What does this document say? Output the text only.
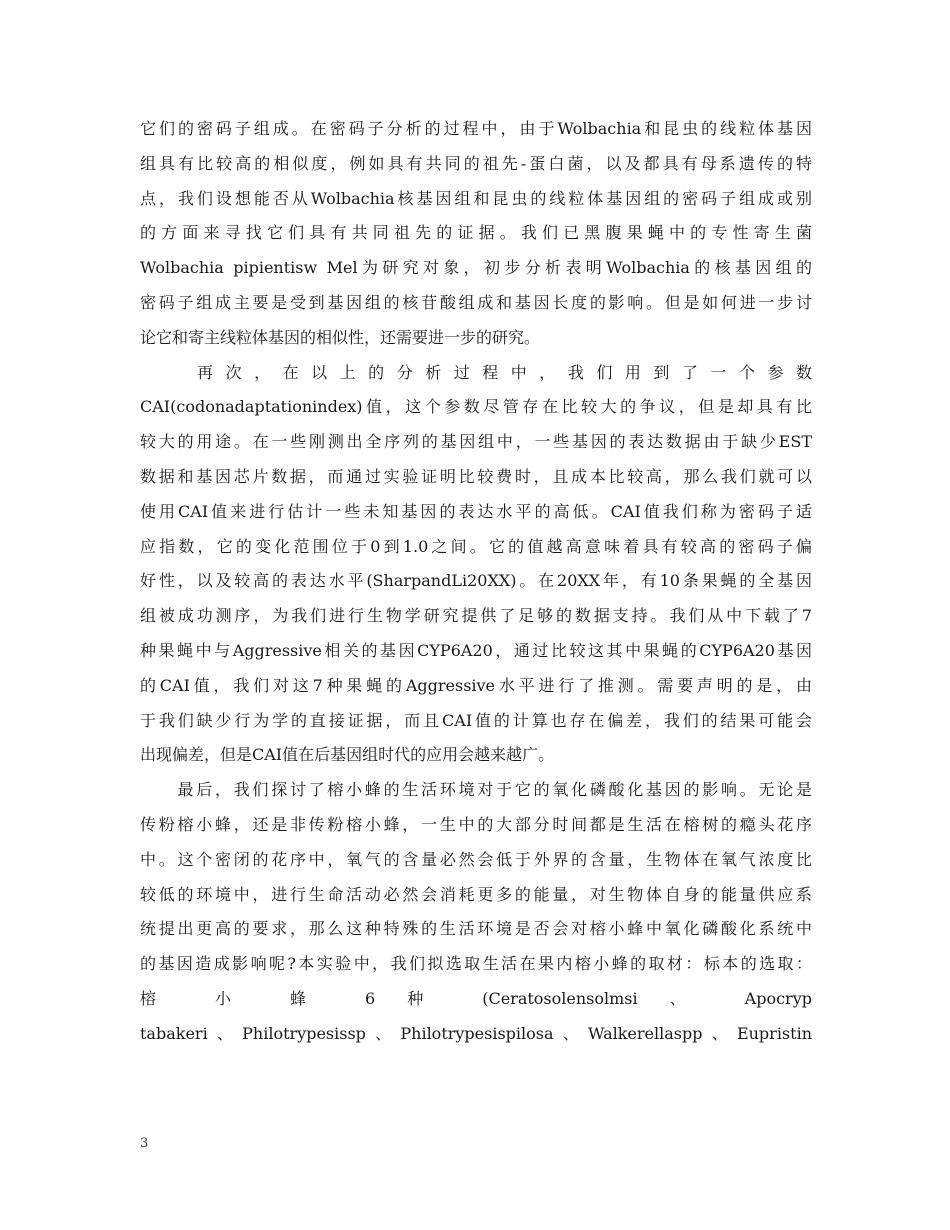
它们的密码子组成。在密码子分析的过程中，由于Wolbachia和昆虫的线粒体基因
组具有比较高的相似度，例如具有共同的祖先-蛋白菌，以及都具有母系遗传的特
点，我们设想能否从Wolbachia核基因组和昆虫的线粒体基因组的密码子组成或别
的方面来寻找它们具有共同祖先的证据。我们已黑腹果蝇中的专性寄生菌
Wolbachia pipientisw Mel为研究对象，初步分析表明Wolbachia的核基因组的
密码子组成主要是受到基因组的核苷酸组成和基因长度的影响。但是如何进一步讨
论它和寄主线粒体基因的相似性，还需要进一步的研究。
　　再次，在以上的分析过程中，我们用到了一个参数
CAI(codonadaptationindex)值，这个参数尽管存在比较大的争议，但是却具有比
较大的用途。在一些刚测出全序列的基因组中，一些基因的表达数据由于缺少EST
数据和基因芯片数据，而通过实验证明比较费时，且成本比较高，那么我们就可以
使用CAI值来进行估计一些未知基因的表达水平的高低。CAI值我们称为密码子适
应指数，它的变化范围位于0到1.0之间。它的值越高意味着具有较高的密码子偏
好性，以及较高的表达水平(SharpandLi20XX)。在20XX年，有10条果蝇的全基因
组被成功测序，为我们进行生物学研究提供了足够的数据支持。我们从中下载了7
种果蝇中与Aggressive相关的基因CYP6A20，通过比较这其中果蝇的CYP6A20基因
的CAI值，我们对这7种果蝇的Aggressive水平进行了推测。需要声明的是，由
于我们缺少行为学的直接证据，而且CAI值的计算也存在偏差，我们的结果可能会
出现偏差，但是CAI值在后基因组时代的应用会越来越广。
　　最后，我们探讨了榕小蜂的生活环境对于它的氧化磷酸化基因的影响。无论是
传粉榕小蜂，还是非传粉榕小蜂，一生中的大部分时间都是生活在榕树的瘾头花序
中。这个密闭的花序中，氧气的含量必然会低于外界的含量，生物体在氧气浓度比
较低的环境中，进行生命活动必然会消耗更多的能量，对生物体自身的能量供应系
统提出更高的要求，那么这种特殊的生活环境是否会对榕小蜂中氧化磷酸化系统中
的基因造成影响呢?本实验中，我们拟选取生活在果内榕小蜂的取材：标本的选取：
榕 小 蜂 6 种 (Ceratosolensolmsi 、 Apocryp
tabakeri、Philotrypesissp、Philotrypesispilosa、Walkerellaspp、Eupristin
3
